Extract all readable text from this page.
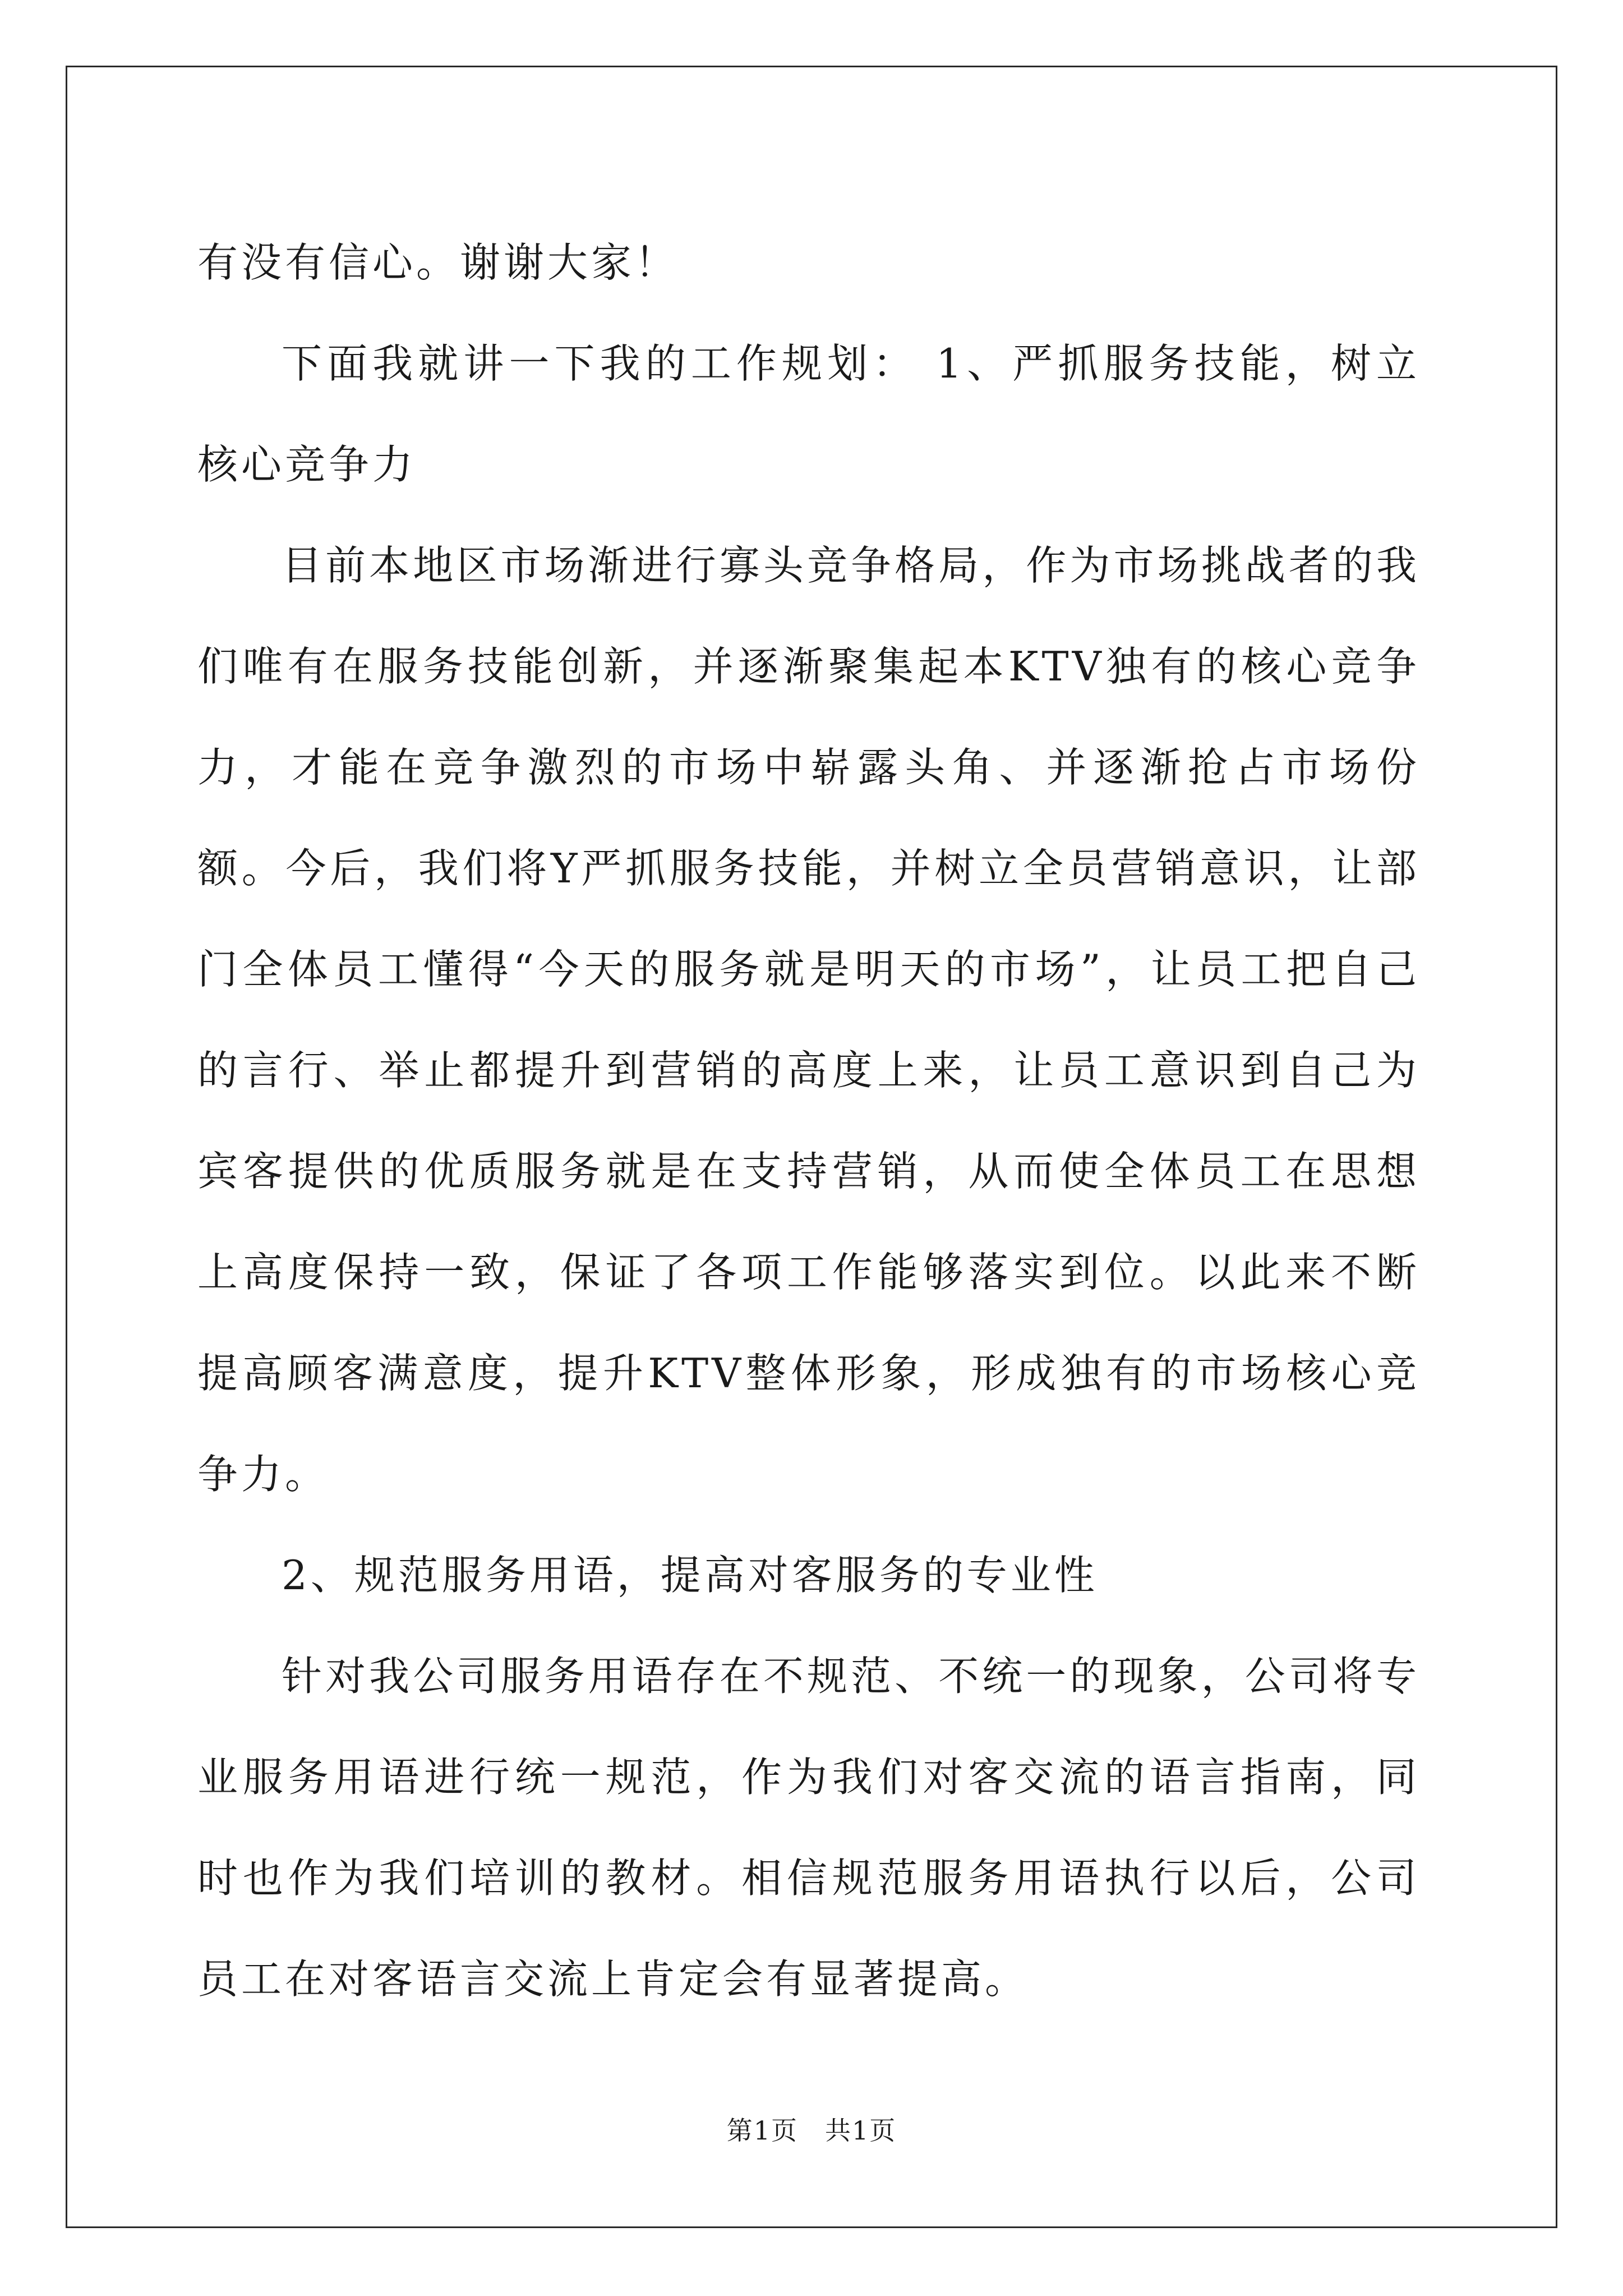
有没有信心。谢谢大家！

下面我就讲一下我的工作规划： 1、严抓服务技能，树立核心竞争力

目前本地区市场渐进行寡头竞争格局，作为市场挑战者的我们唯有在服务技能创新，并逐渐聚集起本KTV独有的核心竞争力，才能在竞争激烈的市场中崭露头角、并逐渐抢占市场份额。今后，我们将Y严抓服务技能，并树立全员营销意识，让部门全体员工懂得“今天的服务就是明天的市场”，让员工把自己的言行、举止都提升到营销的高度上来，让员工意识到自己为宾客提供的优质服务就是在支持营销，从而使全体员工在思想上高度保持一致，保证了各项工作能够落实到位。以此来不断提高顾客满意度，提升KTV整体形象，形成独有的市场核心竞争力。

2、规范服务用语，提高对客服务的专业性

针对我公司服务用语存在不规范、不统一的现象，公司将专业服务用语进行统一规范，作为我们对客交流的语言指南，同时也作为我们培训的教材。相信规范服务用语执行以后，公司员工在对客语言交流上肯定会有显著提高。

第1页　共1页
